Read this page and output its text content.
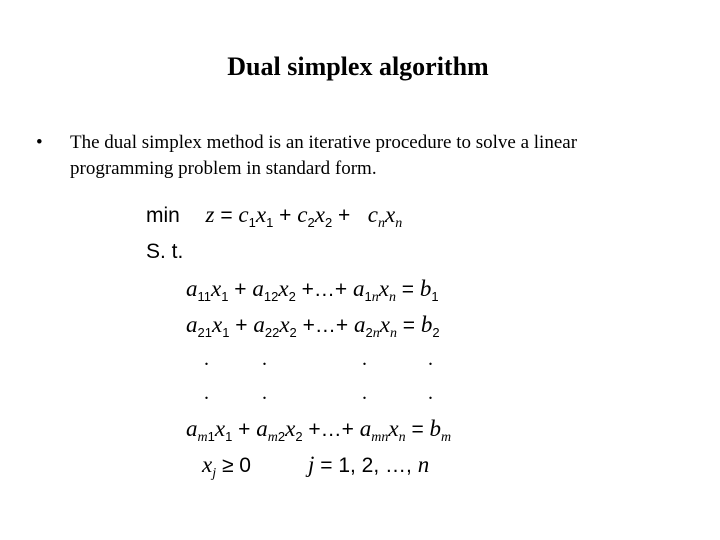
Dual simplex algorithm
• The dual simplex method is an iterative procedure to solve a linear programming problem in standard form.
$\min z = c_1x_1 + c_2x_2 + c_nx_n$
S. t.
$a_{11}x_1 + a_{12}x_2$ +…+ $a_{1n}x_n = b_1$
$a_{21}x_1 + a_{22}x_2$ +…+ $a_{2n}x_n = b_2$
.	.	.	.
.	.	.	.
$a_{m1}x_1 + a_{m2}x_2$ +…+ $a_{mn}x_n = b_m$
$x_j \ge 0$ j = 1, 2, …, n
